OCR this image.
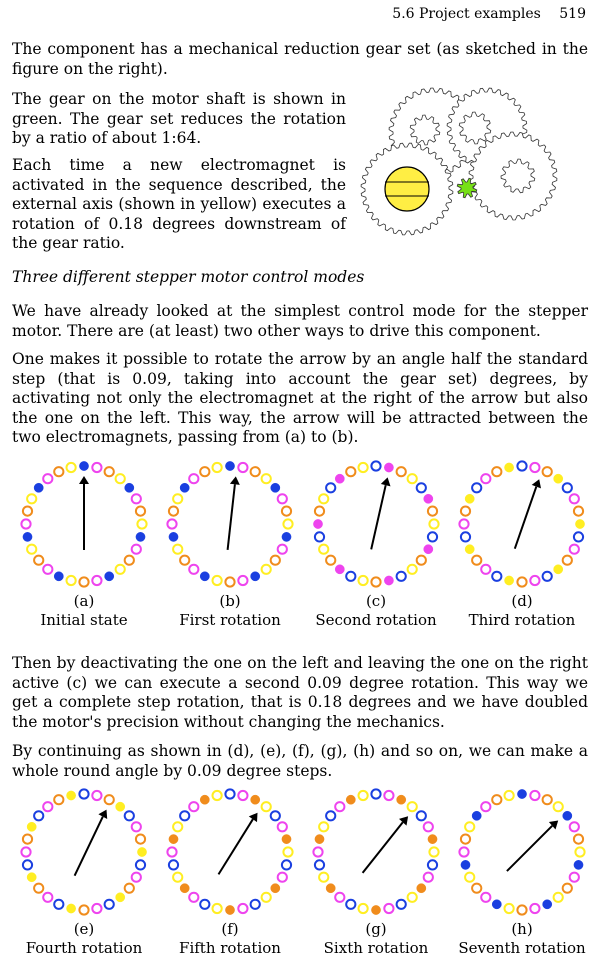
5.6 Project examples 519

The component has a mechanical reduction gear set (as sketched in the figure on the right).

The gear on the motor shaft is shown in green. The gear set reduces the rotation by a ratio of about 1:64.

Each time a new electromagnet is activated in the sequence described, the external axis (shown in yellow) executes a rotation of 0.18 degrees downstream of the gear ratio.

Three different stepper motor control modes

We have already looked at the simplest control mode for the stepper motor. There are (at least) two other ways to drive this component.

One makes it possible to rotate the arrow by an angle half the standard step (that is 0.09, taking into account the gear set) degrees, by activating not only the electromagnet at the right of the arrow but also the one on the left. This way, the arrow will be attracted between the two electromagnets, passing from (a) to (b).

(a)
Initial state
(b)
First rotation
(c)
Second rotation
(d)
Third rotation

Then by deactivating the one on the left and leaving the one on the right active (c) we can execute a second 0.09 degree rotation. This way we get a complete step rotation, that is 0.18 degrees and we have doubled the motor's precision without changing the mechanics.

By continuing as shown in (d), (e), (f), (g), (h) and so on, we can make a whole round angle by 0.09 degree steps.

(e)
Fourth rotation
(f)
Fifth rotation
(g)
Sixth rotation
(h)
Seventh rotation
